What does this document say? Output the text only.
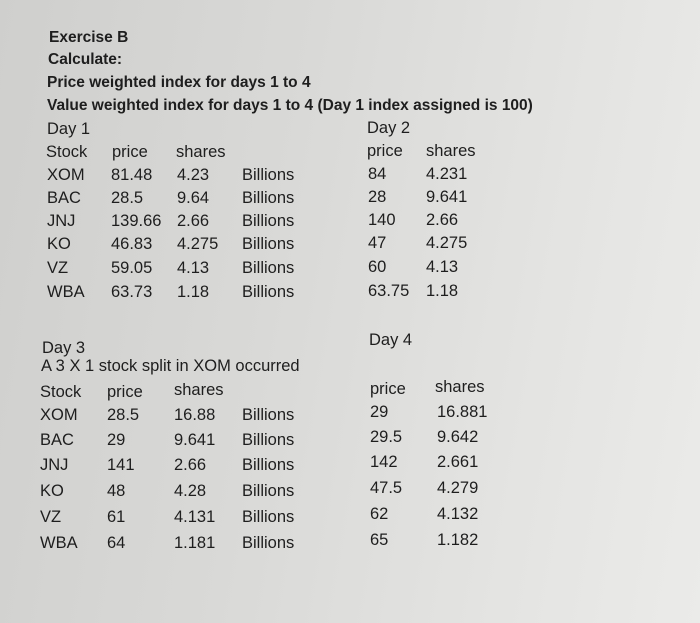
Exercise B
Calculate:
Price weighted index for days 1 to 4
Value weighted index for days 1 to 4 (Day 1 index assigned is 100)
Day 1	Day 2
Stock price shares	price shares
XOM 81.48 4.23 Billions	84 4.231
BAC 28.5 9.64 Billions	28 9.641
JNJ 139.66 2.66 Billions	140 2.66
KO 46.83 4.275 Billions	47 4.275
VZ	59.05 4.13 Billions	60 4.13
WBA 63.73 1.18 Billions	63.75 1.18
Day 3	Day 4
A 3 X 1 stock split in XOM occurred
Stock price shares	price shares
XOM 28.5 16.88 Billions	29	16.881
BAC 29	9.641 Billions	29.5 9.642
JNJ 141 2.66 Billions	142 2.661
KO	48	4.28 Billions	47.5 4.279
VZ	61	4.131 Billions	62	4.132
WBA 64	1.181 Billions	65	1.182
